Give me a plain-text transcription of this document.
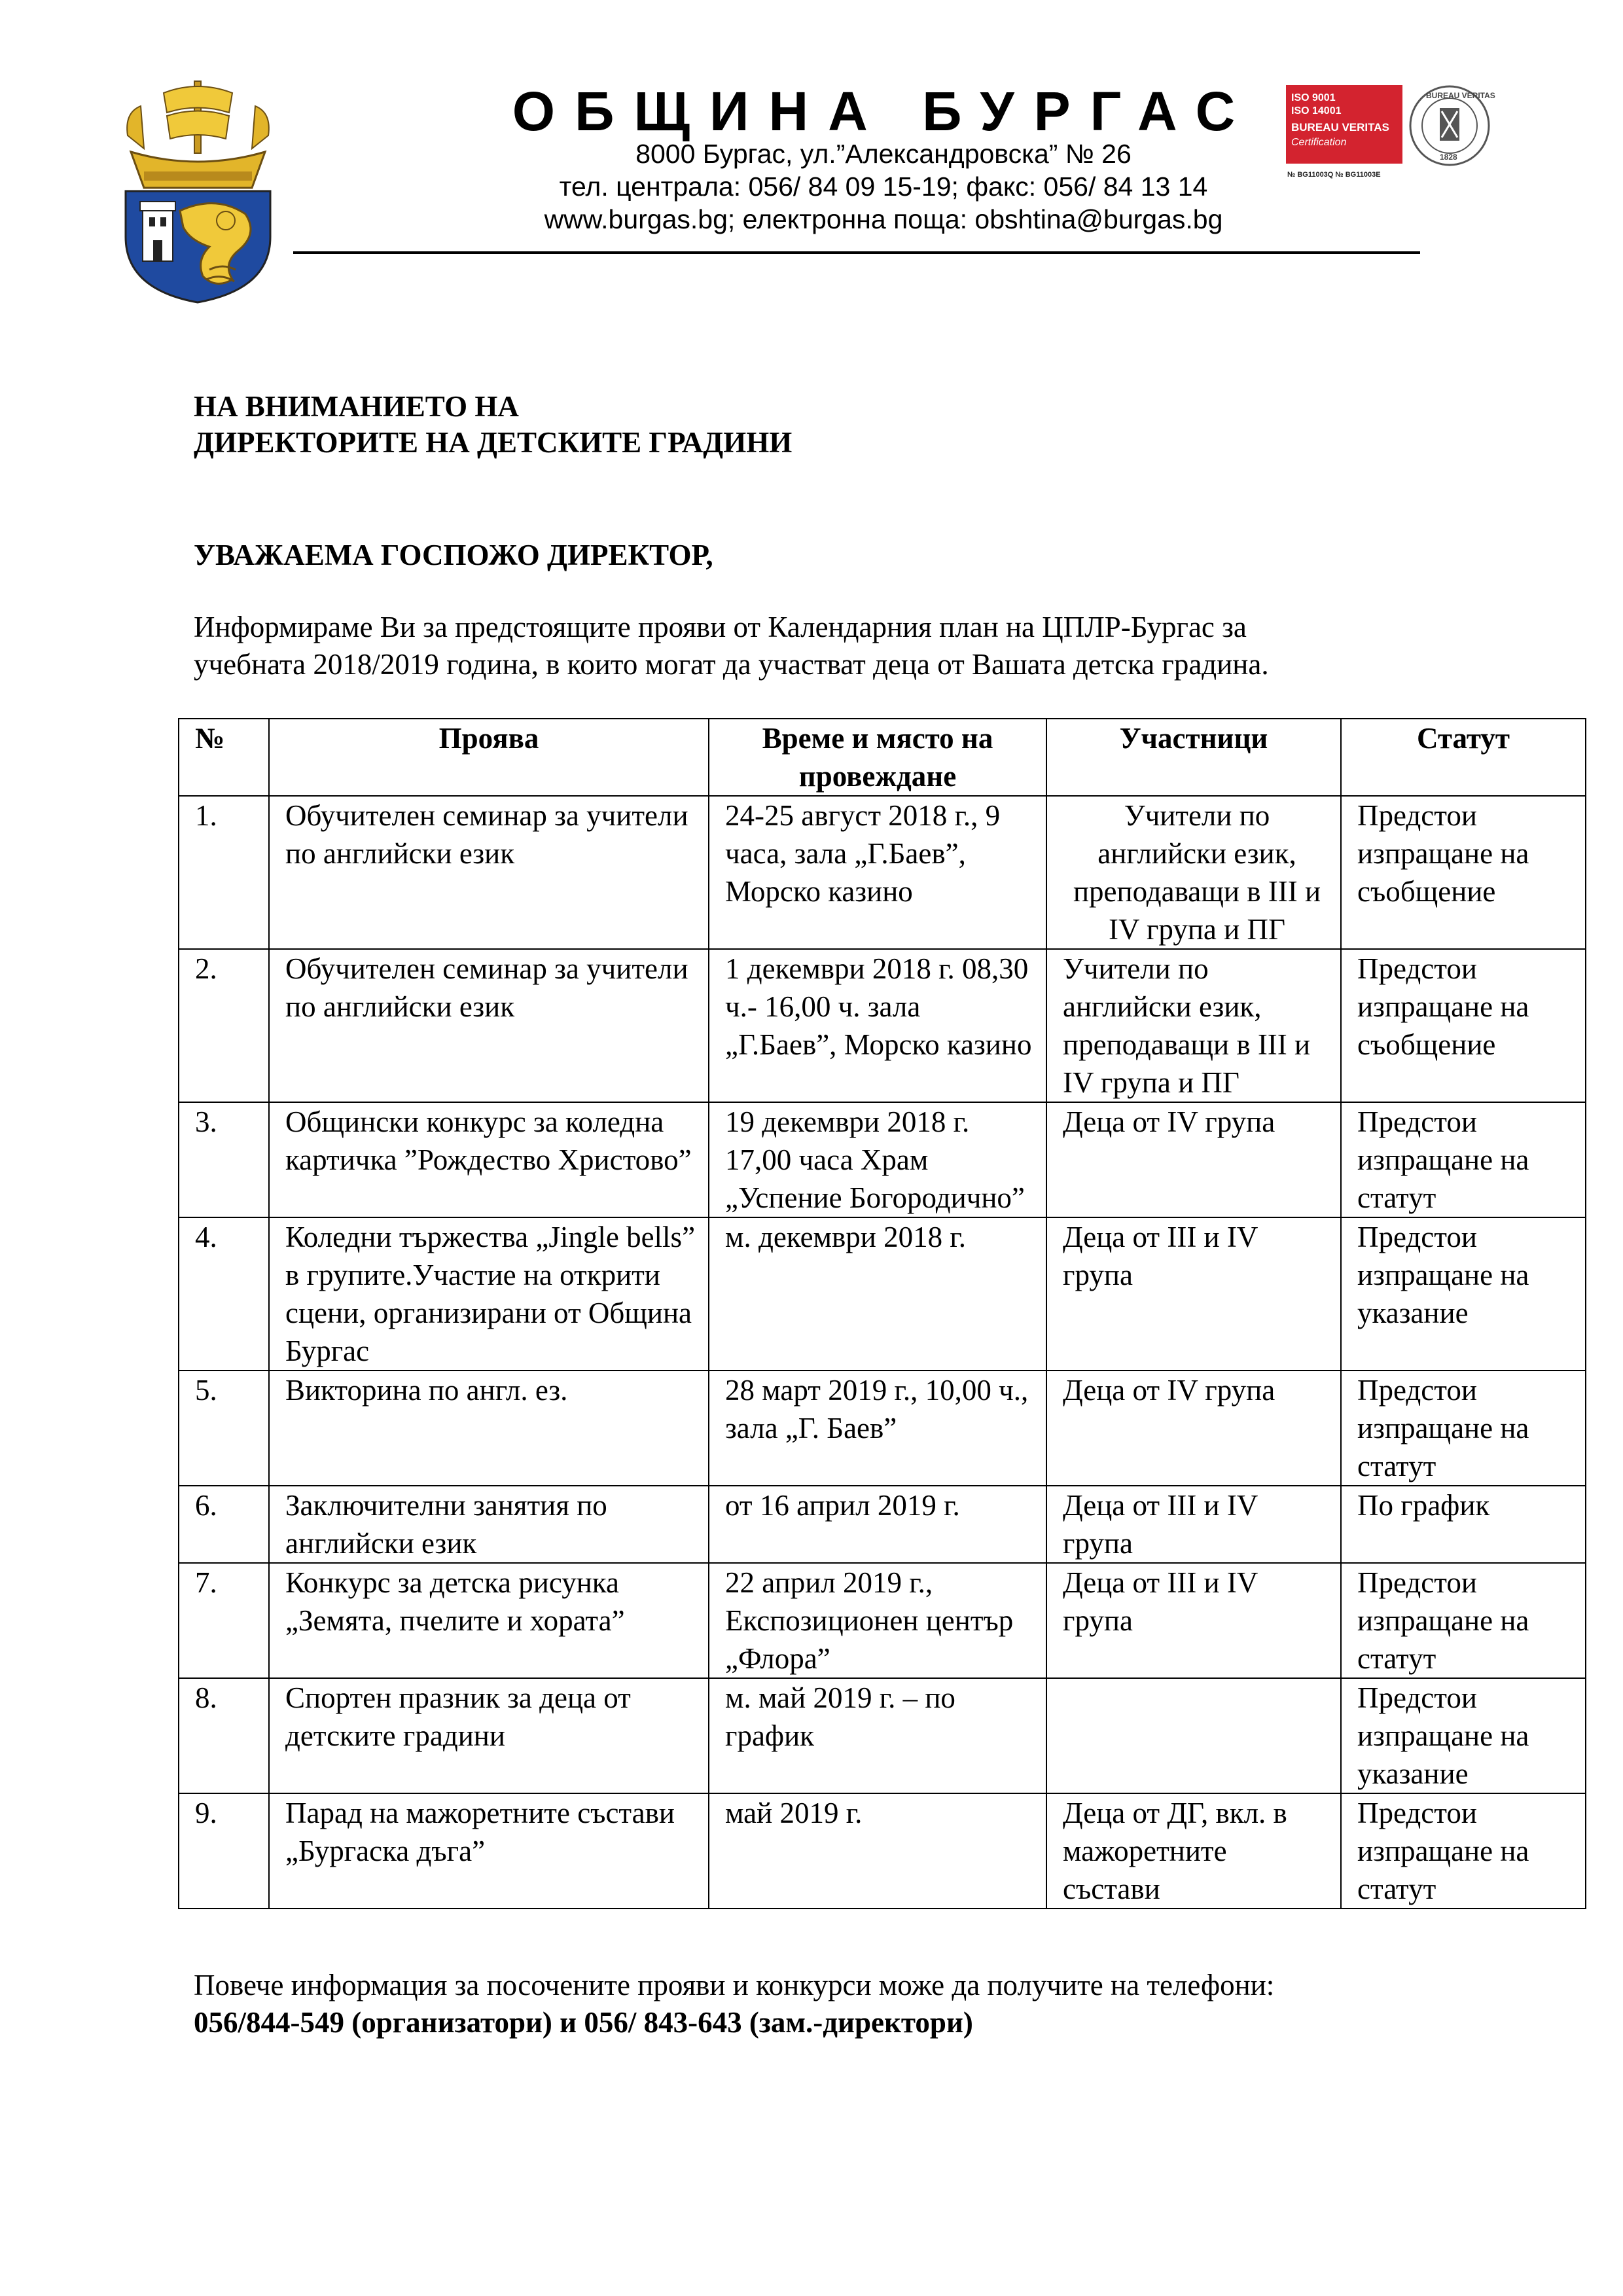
ISO 9001
ISO 14001
BUREAU VERITAS
Certification
№ BG11003Q № BG11003E
BUREAU VERITAS
1828
ОБЩИНА БУРГАС
8000 Бургас, ул.”Александровска” № 26
тел. централа: 056/ 84 09 15-19; факс: 056/ 84 13 14
www.burgas.bg; електронна поща: obshtina@burgas.bg
НА ВНИМАНИЕТО НА
ДИРЕКТОРИТЕ НА ДЕТСКИТЕ ГРАДИНИ
УВАЖАЕМА ГОСПОЖО ДИРЕКТОР,
Информираме Ви за предстоящите прояви от Календарния план на ЦПЛР-Бургас за
учебната 2018/2019 година, в които могат да участват деца от Вашата детска градина.
№	Проява	Време и място на провеждане	Участници	Статут
1.	Обучителен семинар за учители по английски език	24-25 август 2018 г., 9 часа, зала „Г.Баев”, Морско казино	Учители по английски език, преподаващи в III и IV група и ПГ	Предстои изпращане на съобщение
2.	Обучителен семинар за учители по английски език	1 декември 2018 г. 08,30 ч.- 16,00 ч. зала „Г.Баев”, Морско казино	Учители по английски език, преподаващи в III и IV група и ПГ	Предстои изпращане на съобщение
3.	Общински конкурс за коледна картичка ”Рождество Христово”	19 декември 2018 г. 17,00 часа Храм „Успение Богородично”	Деца от IV група	Предстои изпращане на статут
4.	Коледни тържества „Jingle bells” в групите.Участие на открити сцени, организирани от Община Бургас	м. декември 2018 г.	Деца от III и IV група	Предстои изпращане на указание
5.	Викторина по англ. ез.	28 март 2019 г., 10,00 ч., зала „Г. Баев”	Деца от IV група	Предстои изпращане на статут
6.	Заключителни занятия по английски език	от 16 април 2019 г.	Деца от III и IV група	По график
7.	Конкурс за детска рисунка „Земята, пчелите и хората”	22 април 2019 г., Експозиционен център „Флора”	Деца от III и IV група	Предстои изпращане на статут
8.	Спортен празник за деца от детските градини	м. май 2019 г. – по график		Предстои изпращане на указание
9.	Парад на мажоретните състави „Бургаска дъга”	май 2019 г.	Деца от ДГ, вкл. в мажоретните състави	Предстои изпращане на статут
Повече информация за посочените прояви и конкурси може да получите на телефони:
056/844-549 (организатори) и 056/ 843-643 (зам.-директори)
